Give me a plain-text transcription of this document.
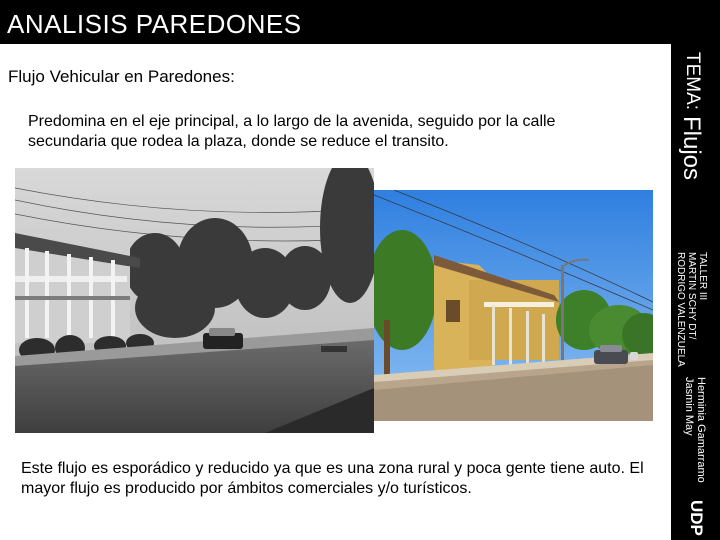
ANALISIS PAREDONES
TEMA:
Flujos
TALLER III
MARTIN SCHY DT/
RODRIGO VALENZUELA
Herminia Gamarramo
Jasmin May
UDP
Flujo Vehicular en Paredones:
Predomina en el eje principal, a lo largo de la avenida, seguido por la calle secundaria que rodea la plaza, donde se reduce el transito.
Este flujo es esporádico y reducido ya que es una zona rural y poca gente tiene auto. El mayor flujo es producido por ámbitos comerciales y/o turísticos.
